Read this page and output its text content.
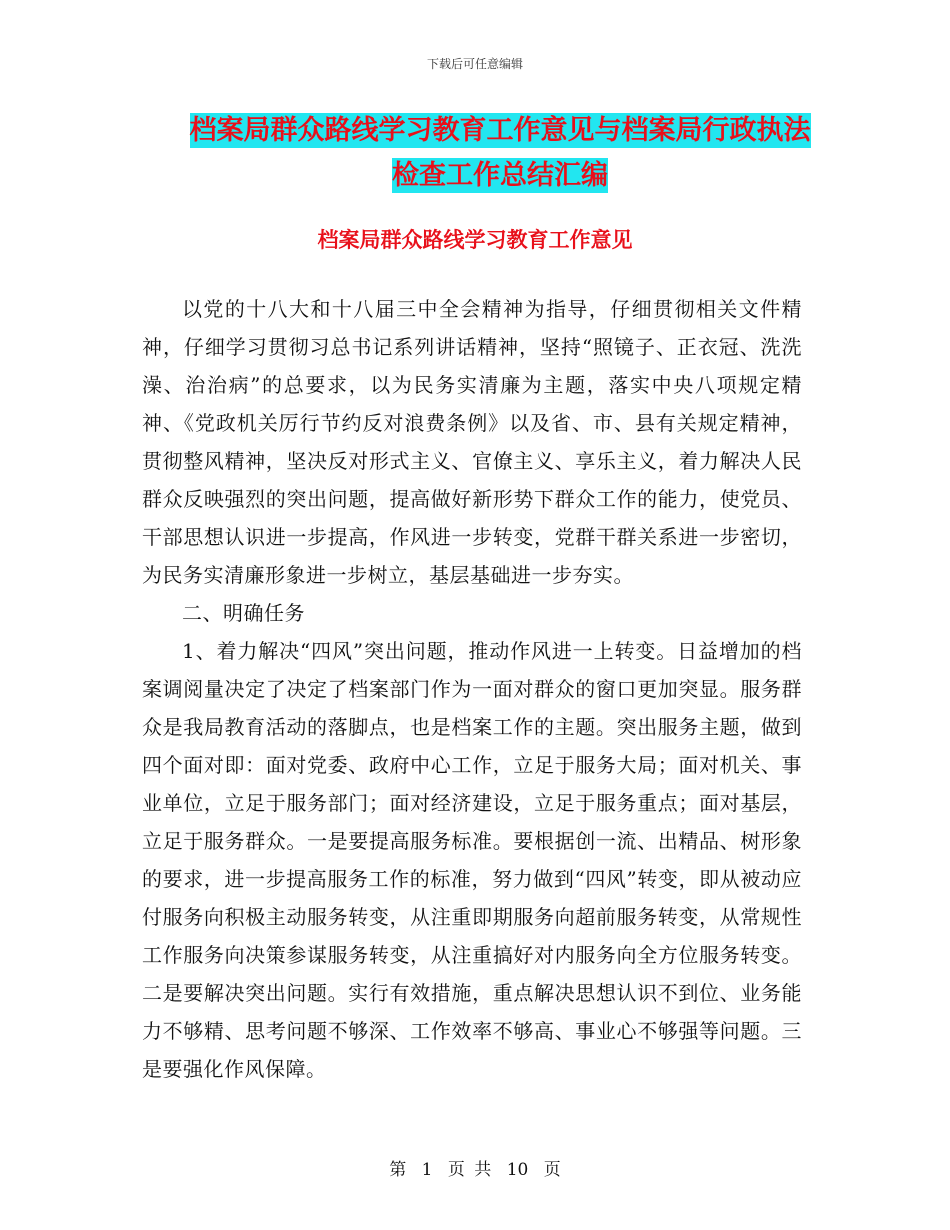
下载后可任意编辑
档案局群众路线学习教育工作意见与档案局行政执法
检查工作总结汇编
档案局群众路线学习教育工作意见

以党的十八大和十八届三中全会精神为指导，仔细贯彻相关文件精神，仔细学习贯彻习总书记系列讲话精神，坚持“照镜子、正衣冠、洗洗澡、治治病”的总要求，以为民务实清廉为主题，落实中央八项规定精神、《党政机关厉行节约反对浪费条例》以及省、市、县有关规定精神，贯彻整风精神，坚决反对形式主义、官僚主义、享乐主义，着力解决人民群众反映强烈的突出问题，提高做好新形势下群众工作的能力，使党员、干部思想认识进一步提高，作风进一步转变，党群干群关系进一步密切，为民务实清廉形象进一步树立，基层基础进一步夯实。

二、明确任务

1、着力解决“四风”突出问题，推动作风进一上转变。日益增加的档案调阅量决定了决定了档案部门作为一面对群众的窗口更加突显。服务群众是我局教育活动的落脚点，也是档案工作的主题。突出服务主题，做到四个面对即：面对党委、政府中心工作，立足于服务大局；面对机关、事业单位，立足于服务部门；面对经济建设，立足于服务重点；面对基层，立足于服务群众。一是要提高服务标准。要根据创一流、出精品、树形象的要求，进一步提高服务工作的标准，努力做到“四风”转变，即从被动应付服务向积极主动服务转变，从注重即期服务向超前服务转变，从常规性工作服务向决策参谋服务转变，从注重搞好对内服务向全方位服务转变。二是要解决突出问题。实行有效措施，重点解决思想认识不到位、业务能力不够精、思考问题不够深、工作效率不够高、事业心不够强等问题。三是要强化作风保障。

第 1 页 共 10 页
